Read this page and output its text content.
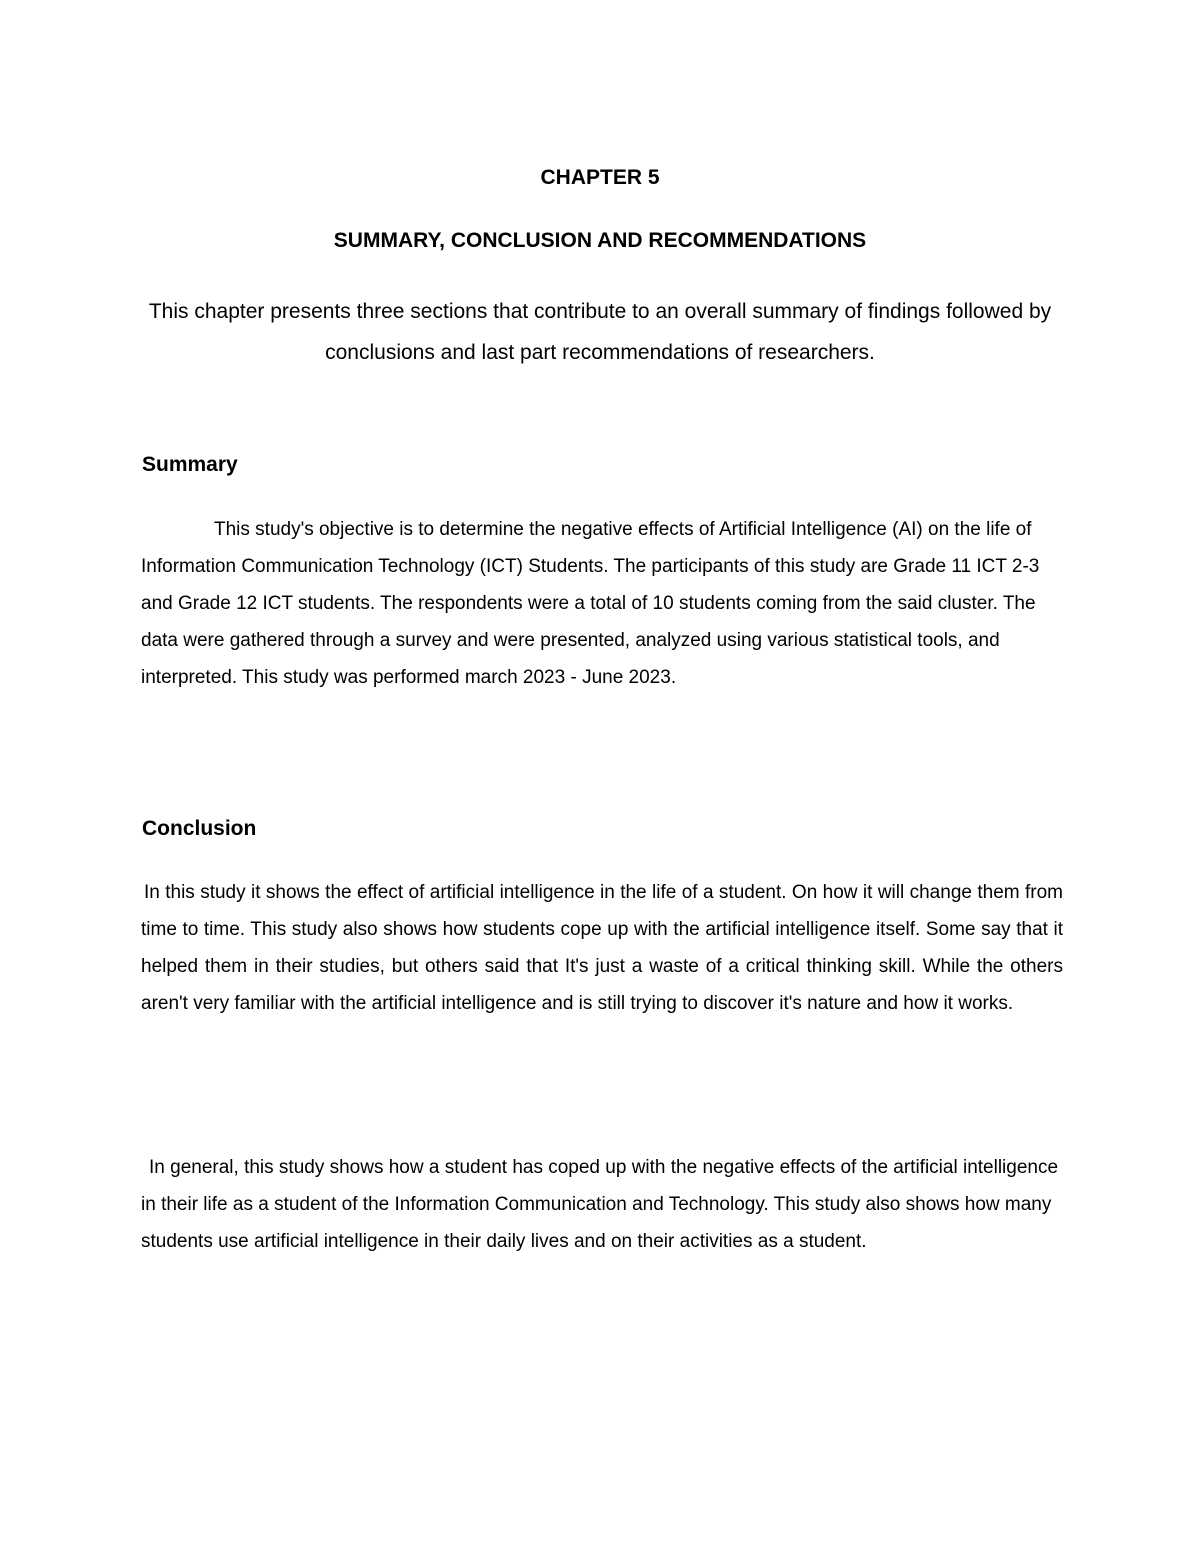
CHAPTER 5
SUMMARY, CONCLUSION AND RECOMMENDATIONS

This chapter presents three sections that contribute to an overall summary of findings followed by conclusions and last part recommendations of researchers.

Summary

This study's objective is to determine the negative effects of Artificial Intelligence (AI) on the life of Information Communication Technology (ICT) Students. The participants of this study are Grade 11 ICT 2-3 and Grade 12 ICT students. The respondents were a total of 10 students coming from the said cluster. The data were gathered through a survey and were presented, analyzed using various statistical tools, and interpreted. This study was performed march 2023 - June 2023.

Conclusion

In this study it shows the effect of artificial intelligence in the life of a student. On how it will change them from time to time. This study also shows how students cope up with the artificial intelligence itself. Some say that it helped them in their studies, but others said that It's just a waste of a critical thinking skill. While the others aren't very familiar with the artificial intelligence and is still trying to discover it's nature and how it works.

In general, this study shows how a student has coped up with the negative effects of the artificial intelligence in their life as a student of the Information Communication and Technology. This study also shows how many students use artificial intelligence in their daily lives and on their activities as a student.
